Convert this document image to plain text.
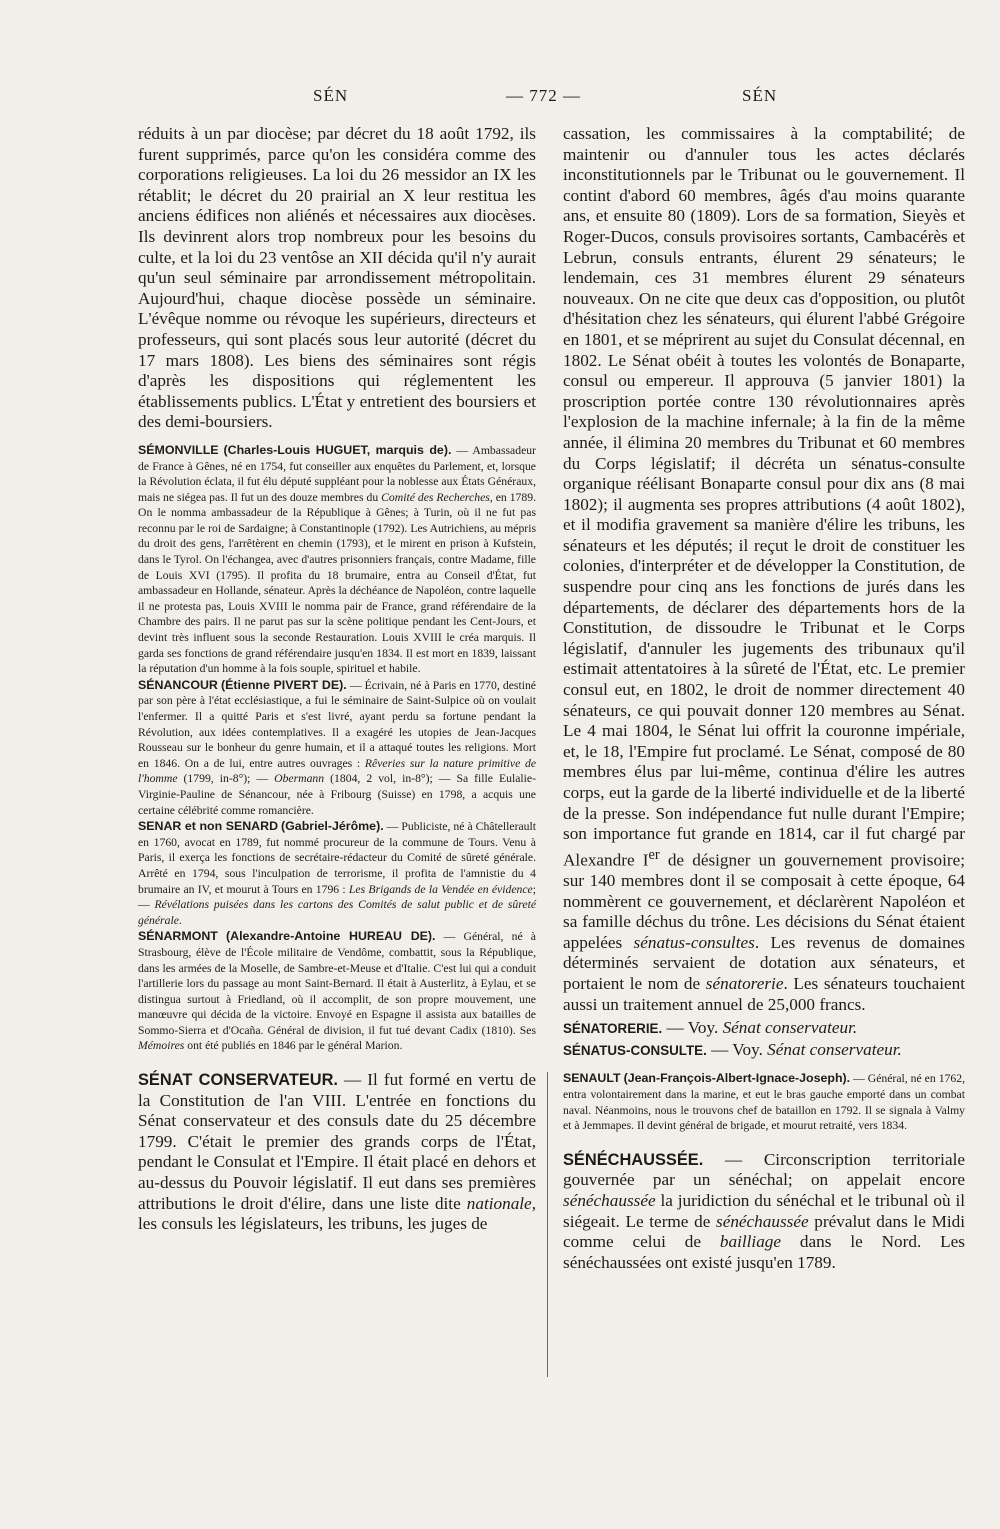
SÉN	— 772 —	SÉN

réduits à un par diocèse; par décret du 18 août 1792, ils furent supprimés, parce qu'on les considéra comme des corporations religieuses. La loi du 26 messidor an IX les rétablit; le décret du 20 prairial an X leur restitua les anciens édifices non aliénés et nécessaires aux diocèses. Ils devinrent alors trop nombreux pour les besoins du culte, et la loi du 23 ventôse an XII décida qu'il n'y aurait qu'un seul séminaire par arrondissement métropolitain. Aujourd'hui, chaque diocèse possède un séminaire. L'évêque nomme ou révoque les supérieurs, directeurs et professeurs, qui sont placés sous leur autorité (décret du 17 mars 1808). Les biens des séminaires sont régis d'après les dispositions qui réglementent les établissements publics. L'État y entretient des boursiers et des demi-boursiers.

SÉMONVILLE (Charles-Louis HUGUET, marquis de). — Ambassadeur de France à Gênes, né en 1754, fut conseiller aux enquêtes du Parlement, et, lorsque la Révolution éclata, il fut élu député suppléant pour la noblesse aux États Généraux, mais ne siégea pas. Il fut un des douze membres du Comité des Recherches, en 1789. On le nomma ambassadeur de la République à Gênes; à Turin, où il ne fut pas reconnu par le roi de Sardaigne; à Constantinople (1792). Les Autrichiens, au mépris du droit des gens, l'arrêtèrent en chemin (1793), et le mirent en prison à Kufstein, dans le Tyrol. On l'échangea, avec d'autres prisonniers français, contre Madame, fille de Louis XVI (1795). Il profita du 18 brumaire, entra au Conseil d'État, fut ambassadeur en Hollande, sénateur. Après la déchéance de Napoléon, contre laquelle il ne protesta pas, Louis XVIII le nomma pair de France, grand référendaire de la Chambre des pairs. Il ne parut pas sur la scène politique pendant les Cent-Jours, et devint très influent sous la seconde Restauration. Louis XVIII le créa marquis. Il garda ses fonctions de grand référendaire jusqu'en 1834. Il est mort en 1839, laissant la réputation d'un homme à la fois souple, spirituel et habile.

SÉNANCOUR (Étienne PIVERT DE). — Écrivain, né à Paris en 1770, destiné par son père à l'état ecclésiastique, a fui le séminaire de Saint-Sulpice où on voulait l'enfermer. Il a quitté Paris et s'est livré, ayant perdu sa fortune pendant la Révolution, aux idées contemplatives. Il a exagéré les utopies de Jean-Jacques Rousseau sur le bonheur du genre humain, et il a attaqué toutes les religions. Mort en 1846. On a de lui, entre autres ouvrages : Rêveries sur la nature primitive de l'homme (1799, in-8°); — Obermann (1804, 2 vol, in-8°); — Sa fille Eulalie-Virginie-Pauline de Sénancour, née à Fribourg (Suisse) en 1798, a acquis une certaine célébrité comme romancière.

SENAR et non SENARD (Gabriel-Jérôme). — Publiciste, né à Châtellerault en 1760, avocat en 1789, fut nommé procureur de la commune de Tours. Venu à Paris, il exerça les fonctions de secrétaire-rédacteur du Comité de sûreté générale. Arrêté en 1794, sous l'inculpation de terrorisme, il profita de l'amnistie du 4 brumaire an IV, et mourut à Tours en 1796 : Les Brigands de la Vendée en évidence; — Révélations puisées dans les cartons des Comités de salut public et de sûreté générale.

SÉNARMONT (Alexandre-Antoine HUREAU DE). — Général, né à Strasbourg, élève de l'École militaire de Vendôme, combattit, sous la République, dans les armées de la Moselle, de Sambre-et-Meuse et d'Italie. C'est lui qui a conduit l'artillerie lors du passage au mont Saint-Bernard. Il était à Austerlitz, à Eylau, et se distingua surtout à Friedland, où il accomplit, de son propre mouvement, une manœuvre qui décida de la victoire. Envoyé en Espagne il assista aux batailles de Sommo-Sierra et d'Ocaña. Général de division, il fut tué devant Cadix (1810). Ses Mémoires ont été publiés en 1846 par le général Marion.

SÉNAT CONSERVATEUR. — Il fut formé en vertu de la Constitution de l'an VIII. L'entrée en fonctions du Sénat conservateur et des consuls date du 25 décembre 1799. C'était le premier des grands corps de l'État, pendant le Consulat et l'Empire. Il était placé en dehors et au-dessus du Pouvoir législatif. Il eut dans ses premières attributions le droit d'élire, dans une liste dite nationale, les consuls les législateurs, les tribuns, les juges de

cassation, les commissaires à la comptabilité; de maintenir ou d'annuler tous les actes déclarés inconstitutionnels par le Tribunat ou le gouvernement. Il contint d'abord 60 membres, âgés d'au moins quarante ans, et ensuite 80 (1809). Lors de sa formation, Sieyès et Roger-Ducos, consuls provisoires sortants, Cambacérès et Lebrun, consuls entrants, élurent 29 sénateurs; le lendemain, ces 31 membres élurent 29 sénateurs nouveaux. On ne cite que deux cas d'opposition, ou plutôt d'hésitation chez les sénateurs, qui élurent l'abbé Grégoire en 1801, et se méprirent au sujet du Consulat décennal, en 1802. Le Sénat obéit à toutes les volontés de Bonaparte, consul ou empereur. Il approuva (5 janvier 1801) la proscription portée contre 130 révolutionnaires après l'explosion de la machine infernale; à la fin de la même année, il élimina 20 membres du Tribunat et 60 membres du Corps législatif; il décréta un sénatus-consulte organique réélisant Bonaparte consul pour dix ans (8 mai 1802); il augmenta ses propres attributions (4 août 1802), et il modifia gravement sa manière d'élire les tribuns, les sénateurs et les députés; il reçut le droit de constituer les colonies, d'interpréter et de développer la Constitution, de suspendre pour cinq ans les fonctions de jurés dans les départements, de déclarer des départements hors de la Constitution, de dissoudre le Tribunat et le Corps législatif, d'annuler les jugements des tribunaux qu'il estimait attentatoires à la sûreté de l'État, etc. Le premier consul eut, en 1802, le droit de nommer directement 40 sénateurs, ce qui pouvait donner 120 membres au Sénat. Le 4 mai 1804, le Sénat lui offrit la couronne impériale, et, le 18, l'Empire fut proclamé. Le Sénat, composé de 80 membres élus par lui-même, continua d'élire les autres corps, eut la garde de la liberté individuelle et de la liberté de la presse. Son indépendance fut nulle durant l'Empire; son importance fut grande en 1814, car il fut chargé par Alexandre Ier de désigner un gouvernement provisoire; sur 140 membres dont il se composait à cette époque, 64 nommèrent ce gouvernement, et déclarèrent Napoléon et sa famille déchus du trône. Les décisions du Sénat étaient appelées sénatus-consultes. Les revenus de domaines déterminés servaient de dotation aux sénateurs, et portaient le nom de sénatorerie. Les sénateurs touchaient aussi un traitement annuel de 25,000 francs.

SÉNATORERIE. — Voy. Sénat conservateur.

SÉNATUS-CONSULTE. — Voy. Sénat conservateur.

SENAULT (Jean-François-Albert-Ignace-Joseph). — Général, né en 1762, entra volontairement dans la marine, et eut le bras gauche emporté dans un combat naval. Néanmoins, nous le trouvons chef de bataillon en 1792. Il se signala à Valmy et à Jemmapes. Il devint général de brigade, et mourut retraité, vers 1834.

SÉNÉCHAUSSÉE. — Circonscription territoriale gouvernée par un sénéchal; on appelait encore sénéchaussée la juridiction du sénéchal et le tribunal où il siégeait. Le terme de sénéchaussée prévalut dans le Midi comme celui de bailliage dans le Nord. Les sénéchaussées ont existé jusqu'en 1789.
